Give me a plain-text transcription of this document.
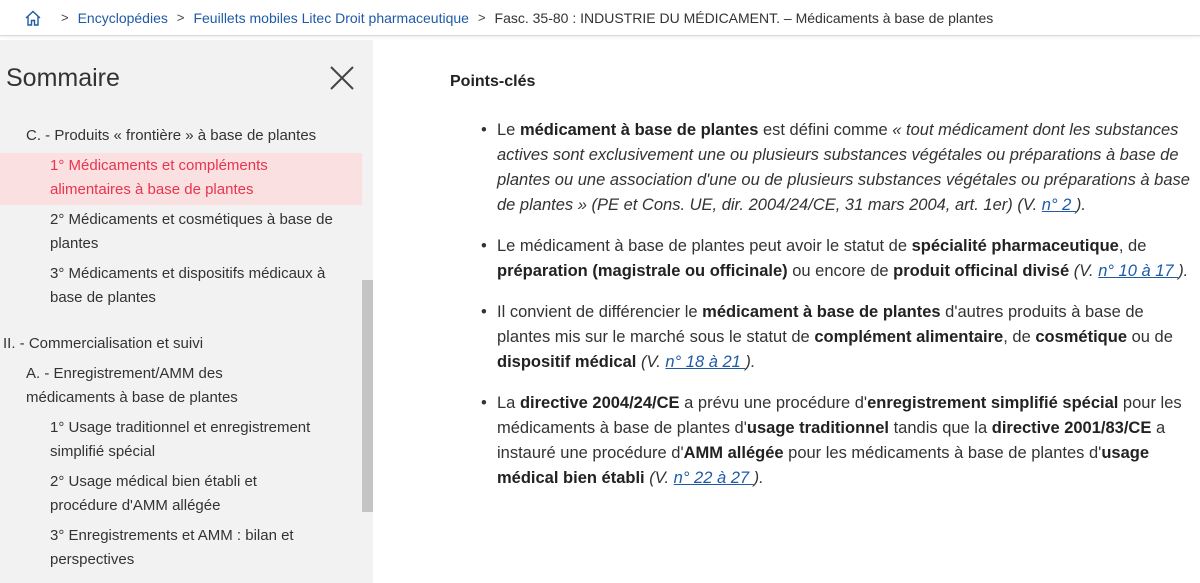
> Encyclopédies > Feuillets mobiles Litec Droit pharmaceutique > Fasc. 35-80 : INDUSTRIE DU MÉDICAMENT. – Médicaments à base de plantes
Sommaire
C. - Produits « frontière » à base de plantes
1° Médicaments et compléments alimentaires à base de plantes
2° Médicaments et cosmétiques à base de plantes
3° Médicaments et dispositifs médicaux à base de plantes
II. - Commercialisation et suivi
A. - Enregistrement/AMM des médicaments à base de plantes
1° Usage traditionnel et enregistrement simplifié spécial
2° Usage médical bien établi et procédure d'AMM allégée
3° Enregistrements et AMM : bilan et perspectives
Points-clés
• Le médicament à base de plantes est défini comme « tout médicament dont les substances actives sont exclusivement une ou plusieurs substances végétales ou préparations à base de plantes ou une association d'une ou de plusieurs substances végétales ou préparations à base de plantes » (PE et Cons. UE, dir. 2004/24/CE, 31 mars 2004, art. 1er) (V. n° 2 ).
• Le médicament à base de plantes peut avoir le statut de spécialité pharmaceutique, de préparation (magistrale ou officinale) ou encore de produit officinal divisé (V. n° 10 à 17 ).
• Il convient de différencier le médicament à base de plantes d'autres produits à base de plantes mis sur le marché sous le statut de complément alimentaire, de cosmétique ou de dispositif médical (V. n° 18 à 21 ).
• La directive 2004/24/CE a prévu une procédure d'enregistrement simplifié spécial pour les médicaments à base de plantes d'usage traditionnel tandis que la directive 2001/83/CE a instauré une procédure d'AMM allégée pour les médicaments à base de plantes d'usage médical bien établi (V. n° 22 à 27 ).
